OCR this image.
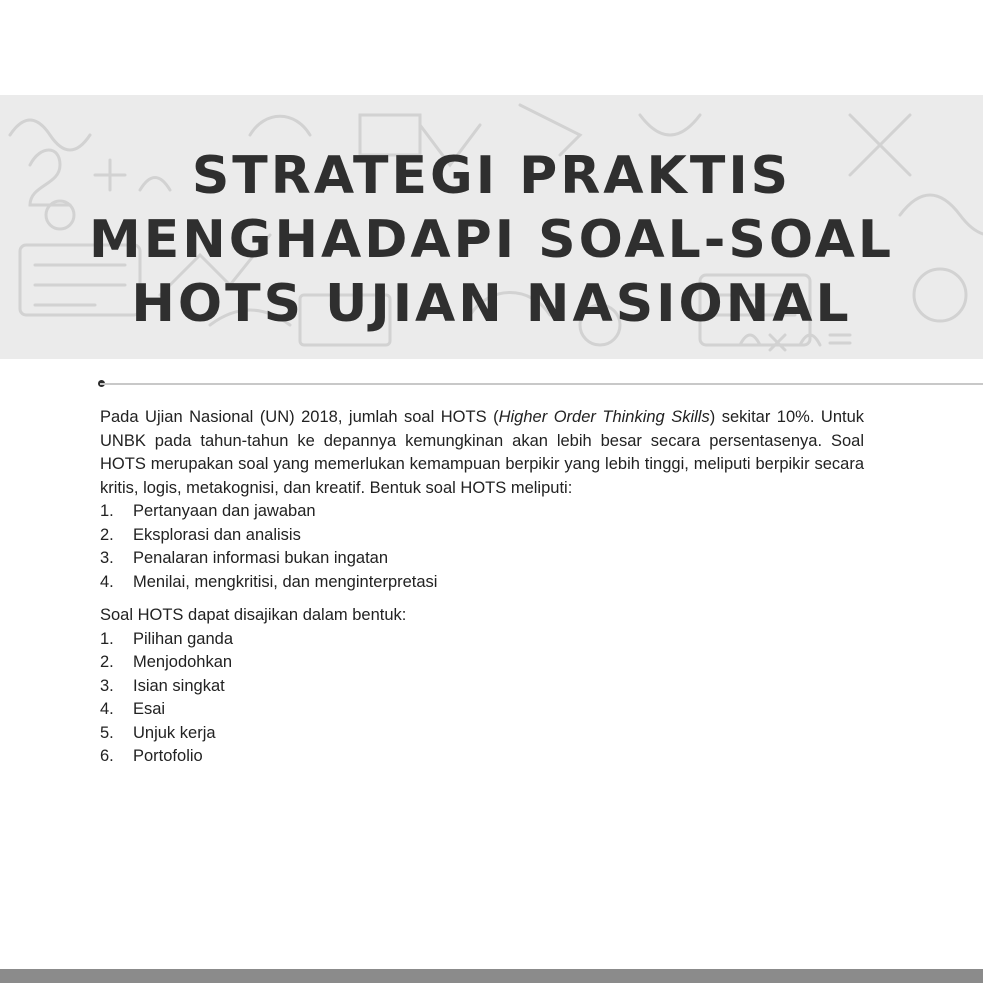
STRATEGI PRAKTIS
MENGHADAPI SOAL-SOAL
HOTS UJIAN NASIONAL

Pada Ujian Nasional (UN) 2018, jumlah soal HOTS (Higher Order Thinking Skills) sekitar 10%. Untuk UNBK pada tahun-tahun ke depannya kemungkinan akan lebih besar secara persentasenya. Soal HOTS merupakan soal yang memerlukan kemampuan berpikir yang lebih tinggi, meliputi berpikir secara kritis, logis, metakognisi, dan kreatif. Bentuk soal HOTS meliputi:

1.	Pertanyaan dan jawaban
2.	Eksplorasi dan analisis
3.	Penalaran informasi bukan ingatan
4.	Menilai, mengkritisi, dan menginterpretasi

Soal HOTS dapat disajikan dalam bentuk:

1.	Pilihan ganda
2.	Menjodohkan
3.	Isian singkat
4.	Esai
5.	Unjuk kerja
6.	Portofolio
